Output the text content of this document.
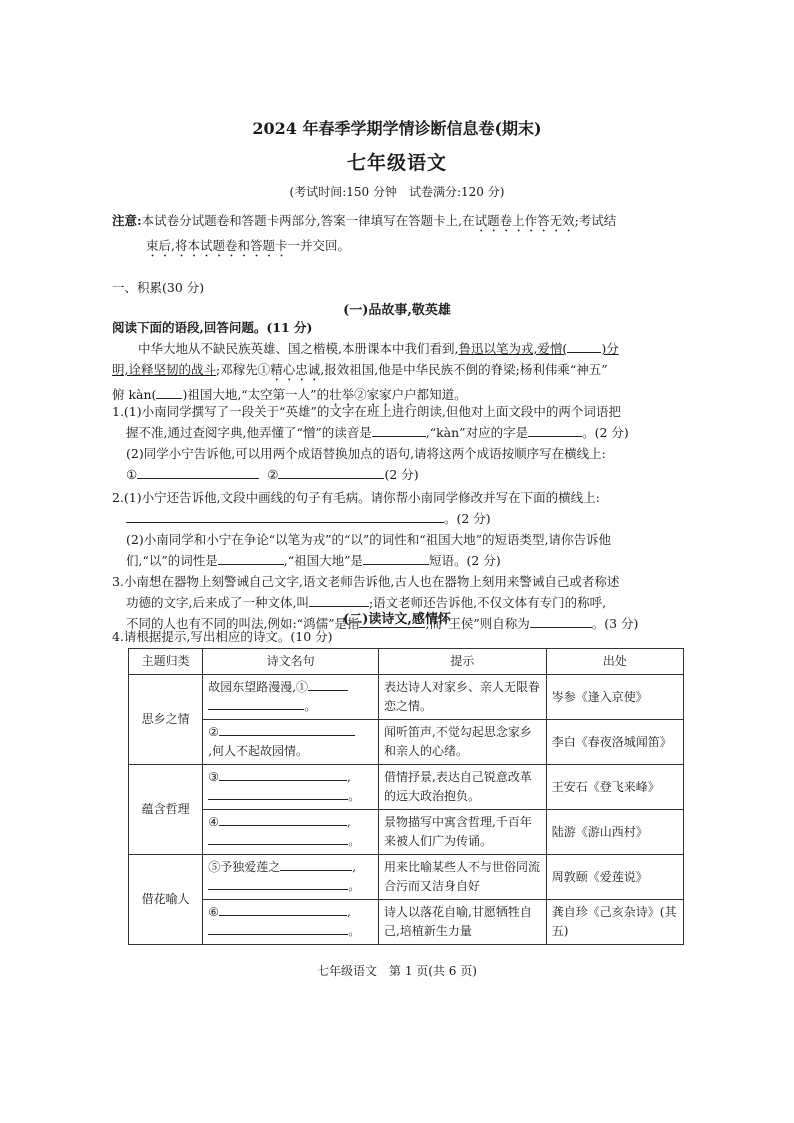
2024 年春季学期学情诊断信息卷(期末)
七年级语文
(考试时间:150 分钟　试卷满分:120 分)
注意:本试卷分试题卷和答题卡两部分,答案一律填写在答题卡上,在试题卷上作答无效;考试结
束后,将本试题卷和答题卡一并交回。
一、积累(30 分)
(一)品故事,敬英雄
阅读下面的语段,回答问题。(11 分)
中华大地从不缺民族英雄、国之楷模,本册课本中我们看到,鲁迅以笔为戎,爱憎(	)分
明,诠释坚韧的战斗;邓稼先①精心忠诚,报效祖国,他是中华民族不倒的脊梁;杨利伟乘“神五”
俯 kàn( )祖国大地,“太空第一人”的壮举②家家户户都知道。
1.(1)小南同学撰写了一段关于“英雄”的文字在班上进行朗读,但他对上面文段中的两个词语把
握不准,通过查阅字典,他弄懂了“憎”的读音是	,“kàn”对应的字是	。(2 分)
(2)同学小宁告诉他,可以用两个成语替换加点的语句,请将这两个成语按顺序写在横线上:
①	②	(2 分)
2.(1)小宁还告诉他,文段中画线的句子有毛病。请你帮小南同学修改并写在下面的横线上:
。(2 分)
(2)小南同学和小宁在争论“以笔为戎”的“以”的词性和“祖国大地”的短语类型,请你告诉他
们,“以”的词性是	,“祖国大地”是	短语。(2 分)
3.小南想在器物上刻警诫自己文字,语文老师告诉他,古人也在器物上刻用来警诫自己或者称述
功德的文字,后来成了一种文体,叫	;语文老师还告诉他,不仅文体有专门的称呼,
不同的人也有不同的叫法,例如:“鸿儒”是指	,而“王侯”则自称为	。(3 分)
(二)读诗文,感情怀
4.请根据提示,写出相应的诗文。(10 分)
主题归类	诗文名句	提示	出处
思乡之情	故园东望路漫漫,①
。	表达诗人对家乡、亲人无限眷恋之情。	岑参《逢入京使》
	②
,何人不起故园情。	闻听笛声,不觉勾起思念家乡和亲人的心绪。	李白《春夜洛城闻笛》
蕴含哲理	③ ,
。	借情抒景,表达自己锐意改革的远大政治抱负。	王安石《登飞来峰》
	④ ,
。	景物描写中寓含哲理,千百年来被人们广为传诵。	陆游《游山西村》
借花喻人	⑤予独爱莲之 ,
。	用来比喻某些人不与世俗同流合污而又洁身自好	周敦颐《爱莲说》
	⑥ ,
。	诗人以落花自喻,甘愿牺牲自己,培植新生力量	龚自珍《己亥杂诗》(其五)
七年级语文　第 1 页(共 6 页)
